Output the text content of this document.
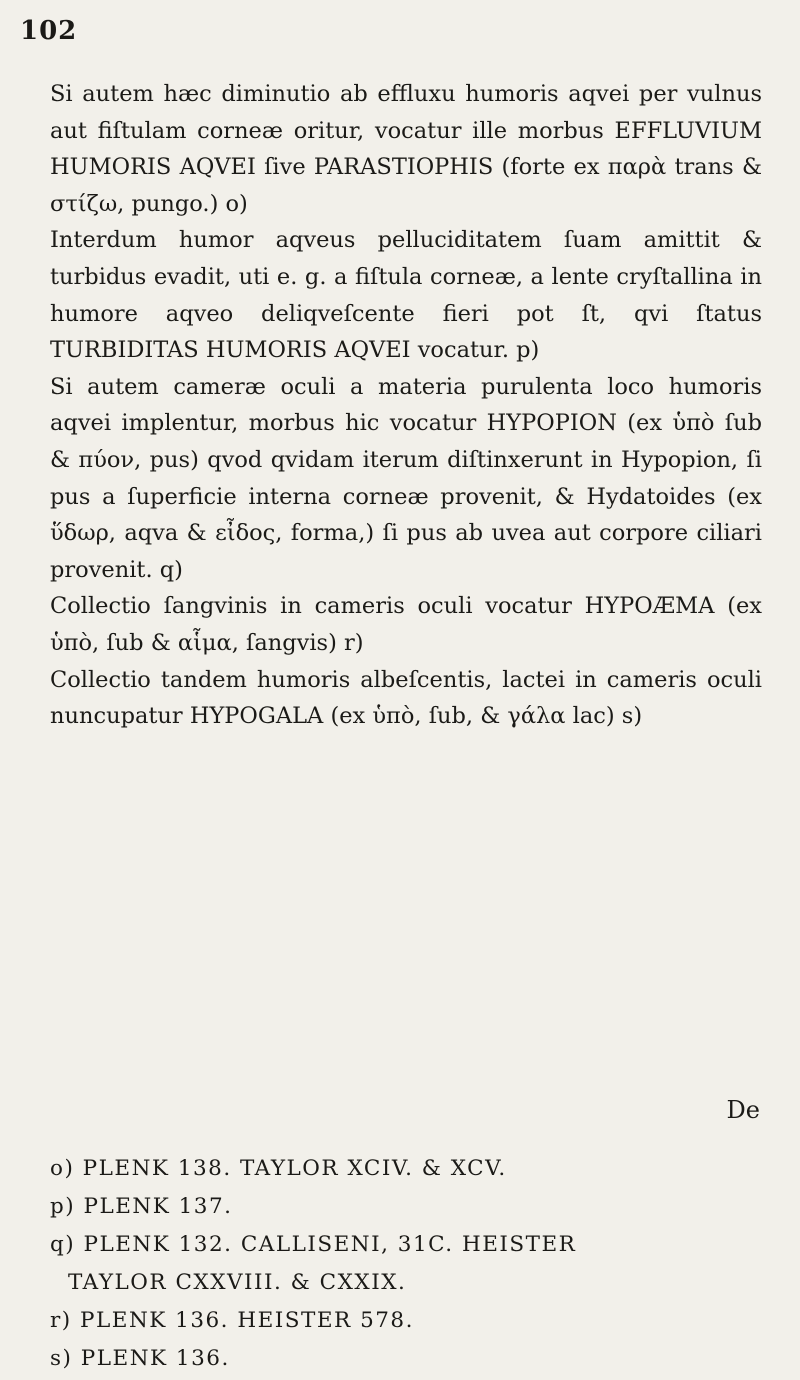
102

Si autem hæc diminutio ab effluxu humoris aqvei per vulnus aut fiſtulam corneæ oritur, vocatur ille morbus EFFLUVIUM HUMORIS AQVEI ſive PARASTIOPHIS (forte ex παρὰ trans & στίζω, pungo.) o)

Interdum humor aqveus pelluciditatem ſuam amittit & turbidus evadit, uti e. g. a fiſtula corneæ, a lente cryſtallina in humore aqveo deliqveſcente fieri pot ſt, qvi ſtatus TURBIDITAS HUMORIS AQVEI vocatur. p)

Si autem cameræ oculi a materia purulenta loco humoris aqvei implentur, morbus hic vocatur HYPOPION (ex ὑπὸ ſub & πύον, pus) qvod qvidam iterum diſtinxerunt in Hypopion, ſi pus a ſuperficie interna corneæ provenit, & Hydatoides (ex ὕδωρ, aqva & εἶδος, forma,) ſi pus ab uvea aut corpore ciliari provenit. q)

Collectio ſangvinis in cameris oculi vocatur HYPOÆMA (ex ὑπὸ, ſub & αἷμα, ſangvis) r)

Collectio tandem humoris albeſcentis, lactei in cameris oculi nuncupatur HYPOGALA (ex ὑπὸ, ſub, & γάλα lac) s)

De

o) PLENK 138. TAYLOR XCIV. & XCV.

p) PLENK 137.

q) PLENK 132. CALLISENI, 31C. HEISTER

TAYLOR CXXVIII. & CXXIX.

r) PLENK 136. HEISTER 578.

s) PLENK 136.
